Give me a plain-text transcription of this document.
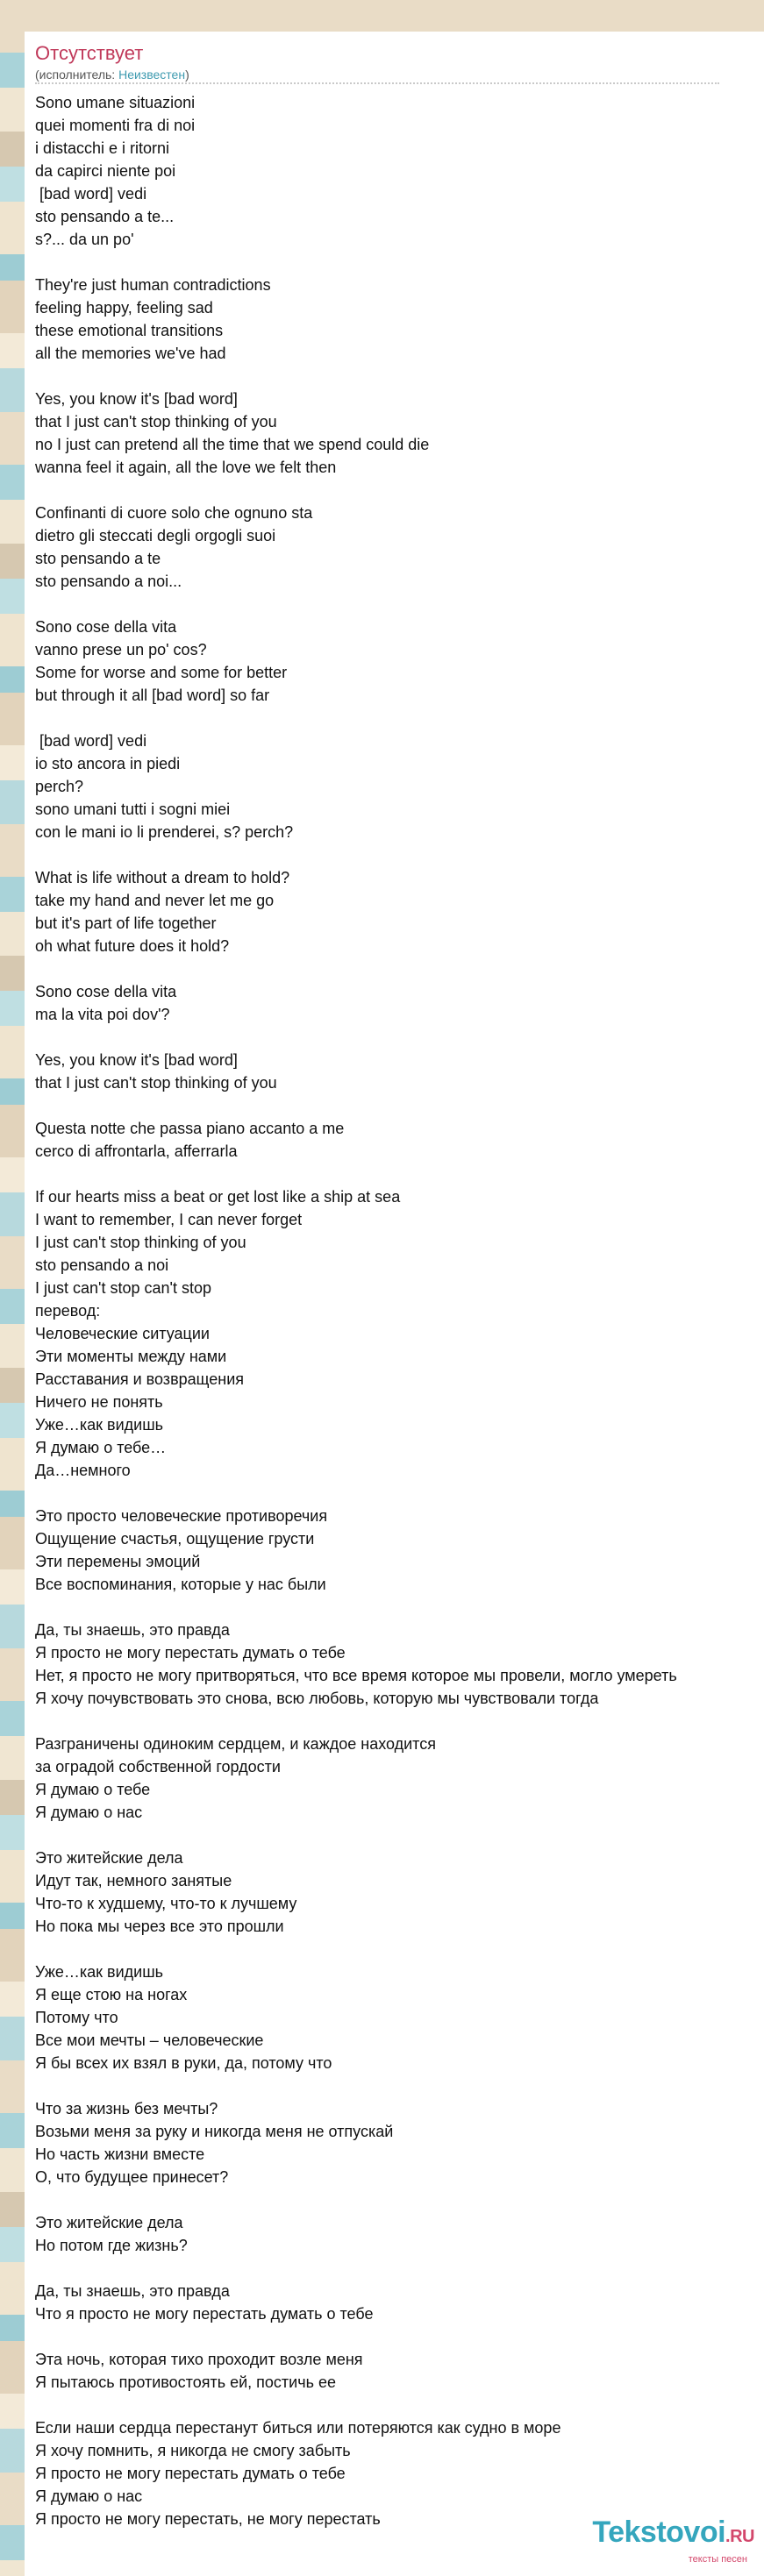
Отсутствует
(исполнитель: Неизвестен)
Sono umane situazioni
quei momenti fra di noi
i distacchi e i ritorni
da capirci niente poi
[bad word] vedi
sto pensando a te...
s?... da un po'

They're just human contradictions
feeling happy, feeling sad
these emotional transitions
all the memories we've had

Yes, you know it's [bad word]
that I just can't stop thinking of you
no I just can pretend all the time that we spend could die
wanna feel it again, all the love we felt then

Confinanti di cuore solo che ognuno sta
dietro gli steccati degli orgogli suoi
sto pensando a te
sto pensando a noi...

Sono cose della vita
vanno prese un po' cos?
Some for worse and some for better
but through it all [bad word] so far

[bad word] vedi
io sto ancora in piedi
perch?
sono umani tutti i sogni miei
con le mani io li prenderei, s? perch?

What is life without a dream to hold?
take my hand and never let me go
but it's part of life together
oh what future does it hold?

Sono cose della vita
ma la vita poi dov'?

Yes, you know it's [bad word]
that I just can't stop thinking of you

Questa notte che passa piano accanto a me
cerco di affrontarla, afferrarla

If our hearts miss a beat or get lost like a ship at sea
I want to remember, I can never forget
I just can't stop thinking of you
sto pensando a noi
I just can't stop can't stop
перевод:
Человеческие ситуации
Эти моменты между нами
Расставания и возвращения
Ничего не понять
Уже…как видишь
Я думаю о тебе…
Да…немного

Это просто человеческие противоречия
Ощущение счастья, ощущение грусти
Эти перемены эмоций
Все воспоминания, которые у нас были

Да, ты знаешь, это правда
Я просто не могу перестать думать о тебе
Нет, я просто не могу притворяться, что все время которое мы провели, могло умереть
Я хочу почувствовать это снова, всю любовь, которую мы чувствовали тогда

Разграничены одиноким сердцем, и каждое находится
за оградой собственной гордости
Я думаю о тебе
Я думаю о нас

Это житейские дела
Идут так, немного занятые
Что-то к худшему, что-то к лучшему
Но пока мы через все это прошли

Уже…как видишь
Я еще стою на ногах
Потому что
Все мои мечты – человеческие
Я бы всех их взял в руки, да, потому что

Что за жизнь без мечты?
Возьми меня за руку и никогда меня не отпускай
Но часть жизни вместе
О, что будущее принесет?

Это житейские дела
Но потом где жизнь?

Да, ты знаешь, это правда
Что я просто не могу перестать думать о тебе

Эта ночь, которая тихо проходит возле меня
Я пытаюсь противостоять ей, постичь ее

Если наши сердца перестанут биться или потеряются как судно в море
Я хочу помнить, я никогда не смогу забыть
Я просто не могу перестать думать о тебе
Я думаю о нас
Я просто не могу перестать, не могу перестать	Tekstovoi.RU
тексты песен
